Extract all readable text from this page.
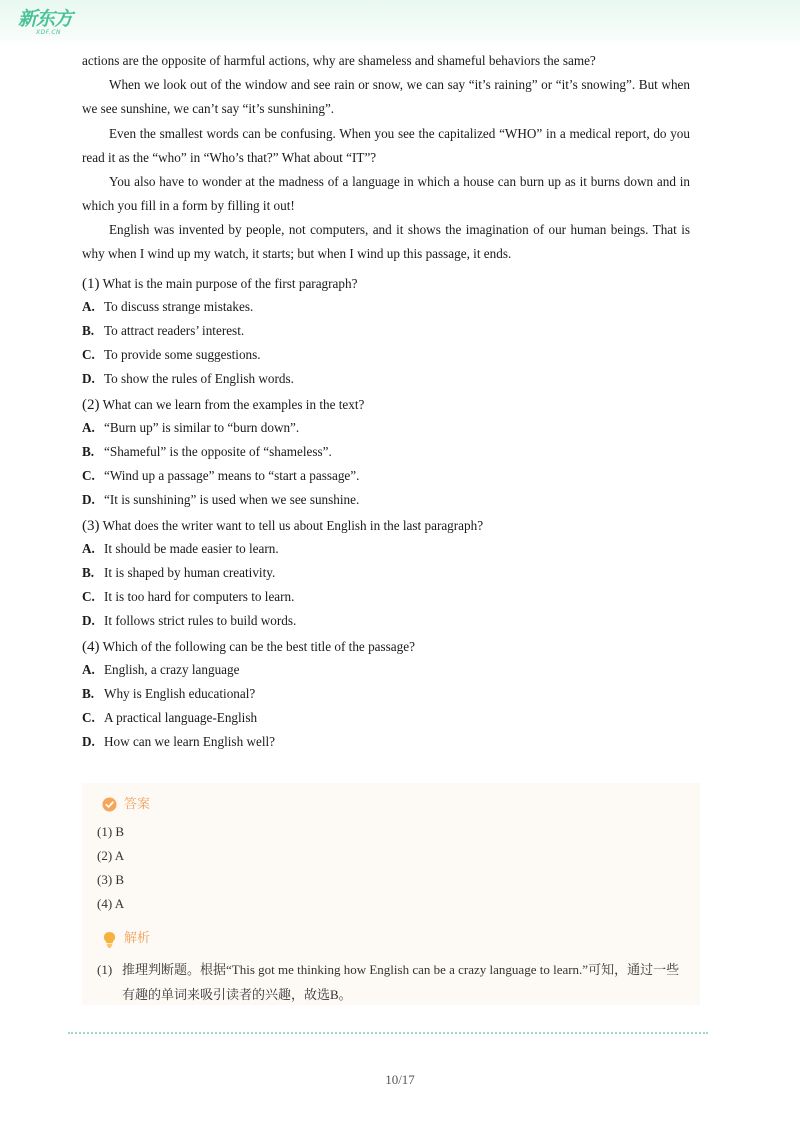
新东方
XDF.CN

actions are the opposite of harmful actions, why are shameless and shameful behaviors the same?

When we look out of the window and see rain or snow, we can say “it’s raining” or “it’s snowing”. But when we see sunshine, we can’t say “it’s sunshining”.

Even the smallest words can be confusing. When you see the capitalized “WHO” in a medical report, do you read it as the “who” in “Who’s that?” What about “IT”?

You also have to wonder at the madness of a language in which a house can burn up as it burns down and in which you fill in a form by filling it out!

English was invented by people, not computers, and it shows the imagination of our human beings. That is why when I wind up my watch, it starts; but when I wind up this passage, it ends.

(1) What is the main purpose of the first paragraph?
A. To discuss strange mistakes.
B. To attract readers’ interest.
C. To provide some suggestions.
D. To show the rules of English words.
(2) What can we learn from the examples in the text?
A. “Burn up” is similar to “burn down”.
B. “Shameful” is the opposite of “shameless”.
C. “Wind up a passage” means to “start a passage”.
D. “It is sunshining” is used when we see sunshine.
(3) What does the writer want to tell us about English in the last paragraph?
A. It should be made easier to learn.
B. It is shaped by human creativity.
C. It is too hard for computers to learn.
D. It follows strict rules to build words.
(4) Which of the following can be the best title of the passage?
A. English, a crazy language
B. Why is English educational?
C. A practical language-English
D. How can we learn English well?
答案
(1) B
(2) A
(3) B
(4) A
解析
(1) 推理判断题。根据“This got me thinking how English can be a crazy language to learn.”可知，通过一些有趣的单词来吸引读者的兴趣，故选B。
10/17
